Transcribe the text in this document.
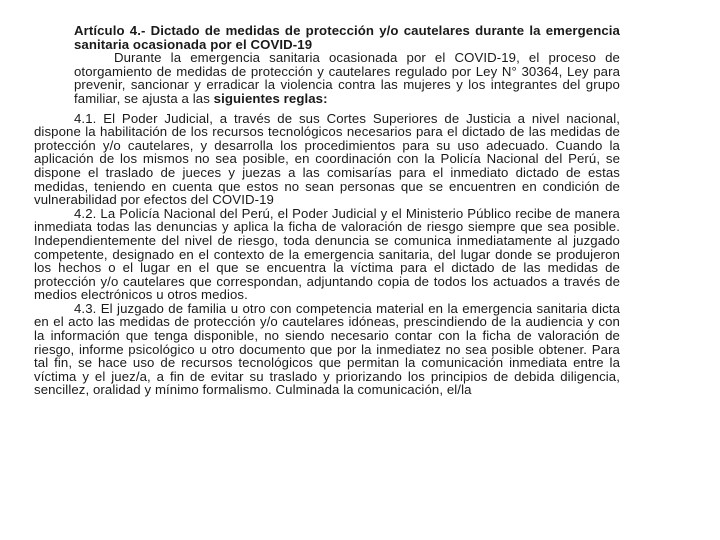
Artículo 4.- Dictado de medidas de protección y/o cautelares durante la emergencia sanitaria ocasionada por el COVID-19

Durante la emergencia sanitaria ocasionada por el COVID-19, el proceso de otorgamiento de medidas de protección y cautelares regulado por Ley N° 30364, Ley para prevenir, sancionar y erradicar la violencia contra las mujeres y los integrantes del grupo familiar, se ajusta a las siguientes reglas:

4.1. El Poder Judicial, a través de sus Cortes Superiores de Justicia a nivel nacional, dispone la habilitación de los recursos tecnológicos necesarios para el dictado de las medidas de protección y/o cautelares, y desarrolla los procedimientos para su uso adecuado. Cuando la aplicación de los mismos no sea posible, en coordinación con la Policía Nacional del Perú, se dispone el traslado de jueces y juezas a las comisarías para el inmediato dictado de estas medidas, teniendo en cuenta que estos no sean personas que se encuentren en condición de vulnerabilidad por efectos del COVID-19

4.2. La Policía Nacional del Perú, el Poder Judicial y el Ministerio Público recibe de manera inmediata todas las denuncias y aplica la ficha de valoración de riesgo siempre que sea posible. Independientemente del nivel de riesgo, toda denuncia se comunica inmediatamente al juzgado competente, designado en el contexto de la emergencia sanitaria, del lugar donde se produjeron los hechos o el lugar en el que se encuentra la víctima para el dictado de las medidas de protección y/o cautelares que correspondan, adjuntando copia de todos los actuados a través de medios electrónicos u otros medios.

4.3. El juzgado de familia u otro con competencia material en la emergencia sanitaria dicta en el acto las medidas de protección y/o cautelares idóneas, prescindiendo de la audiencia y con la información que tenga disponible, no siendo necesario contar con la ficha de valoración de riesgo, informe psicológico u otro documento que por la inmediatez no sea posible obtener. Para tal fin, se hace uso de recursos tecnológicos que permitan la comunicación inmediata entre la víctima y el juez/a, a fin de evitar su traslado y priorizando los principios de debida diligencia, sencillez, oralidad y mínimo formalismo. Culminada la comunicación, el/la
